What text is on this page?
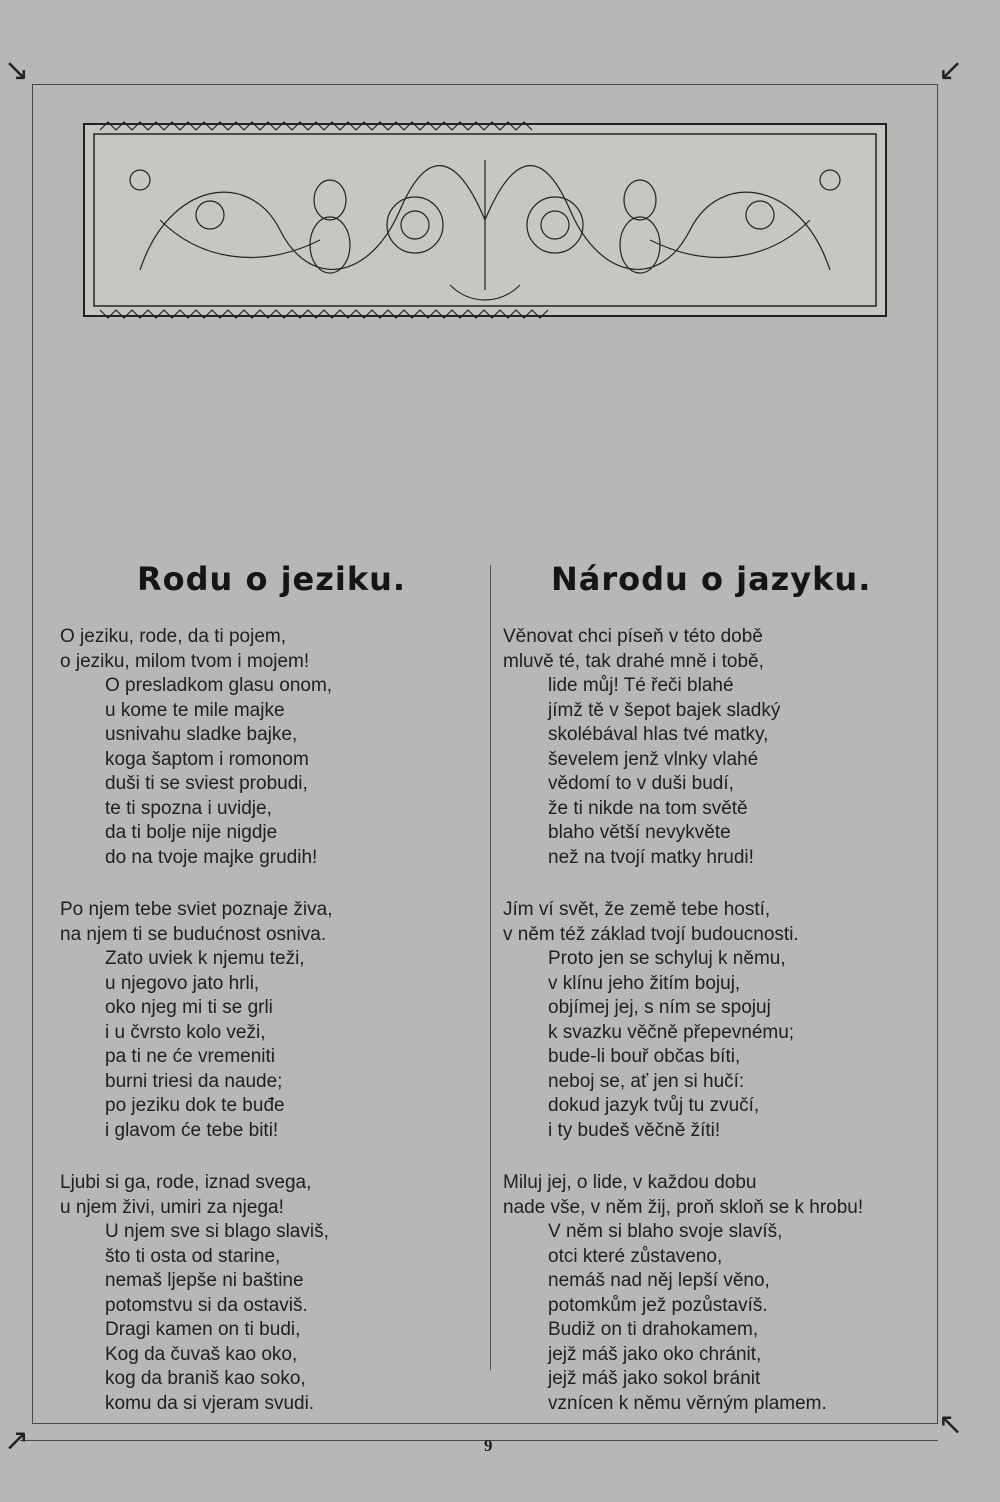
↘	↙
↗	↖
Rodu o jeziku.	Národu o jazyku.
O jeziku, rode, da ti pojem,
o jeziku, milom tvom i mojem!
O presladkom glasu onom,
u kome te mile majke
usnivahu sladke bajke,
koga šaptom i romonom
duši ti se sviest probudi,
te ti spozna i uvidje,
da ti bolje nije nigdje
do na tvoje majke grudih!
Po njem tebe sviet poznaje živa,
na njem ti se budućnost osniva.
Zato uviek k njemu teži,
u njegovo jato hrli,
oko njeg mi ti se grli
i u čvrsto kolo veži,
pa ti ne će vremeniti
burni triesi da naude;
po jeziku dok te buđe
i glavom će tebe biti!
Ljubi si ga, rode, iznad svega,
u njem živi, umiri za njega!
U njem sve si blago slaviš,
što ti osta od starine,
nemaš ljepše ni baštine
potomstvu si da ostaviš.
Dragi kamen on ti budi,
Kog da čuvaš kao oko,
kog da braniš kao soko,
komu da si vjeram svudi.
Věnovat chci píseň v této době
mluvě té, tak drahé mně i tobě,
lide můj! Té řeči blahé
jímž tě v šepot bajek sladký
skolébával hlas tvé matky,
ševelem jenž vlnky vlahé
vědomí to v duši budí,
že ti nikde na tom světě
blaho větší nevykvěte
než na tvojí matky hrudi!
Jím ví svět, že země tebe hostí,
v něm též základ tvojí budoucnosti.
Proto jen se schyluj k němu,
v klínu jeho žitím bojuj,
objímej jej, s ním se spojuj
k svazku věčně přepevnému;
bude-li bouř občas bíti,
neboj se, ať jen si hučí:
dokud jazyk tvůj tu zvučí,
i ty budeš věčně žíti!
Miluj jej, o lide, v každou dobu
nade vše, v něm žij, proň skloň se k hrobu!
V něm si blaho svoje slavíš,
otci které zůstaveno,
nemáš nad něj lepší věno,
potomkům jež pozůstavíš.
Budiž on ti drahokamem,
jejž máš jako oko chránit,
jejž máš jako sokol bránit
vznícen k němu věrným plamem.
9
